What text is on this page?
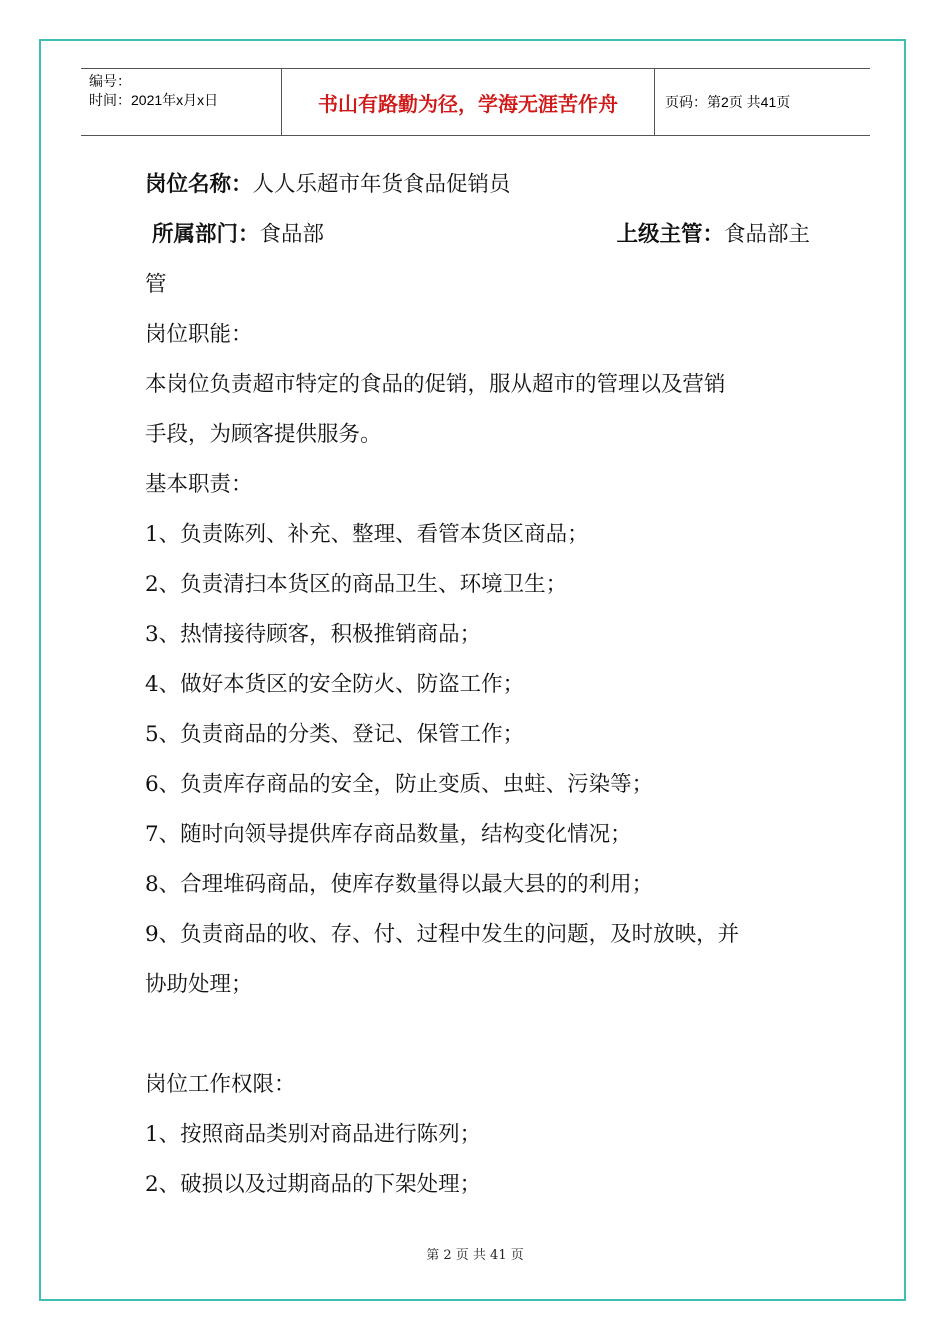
编号：
时间：2021年x月x日	书山有路勤为径，学海无涯苦作舟	页码：第2页 共41页
岗位名称：人人乐超市年货食品促销员
所属部门：食品部	上级主管：食品部主
管
岗位职能：
本岗位负责超市特定的食品的促销，服从超市的管理以及营销
手段，为顾客提供服务。
基本职责：
1、负责陈列、补充、整理、看管本货区商品；
2、负责清扫本货区的商品卫生、环境卫生；
3、热情接待顾客，积极推销商品；
4、做好本货区的安全防火、防盗工作；
5、负责商品的分类、登记、保管工作；
6、负责库存商品的安全，防止变质、虫蛀、污染等；
7、随时向领导提供库存商品数量，结构变化情况；
8、合理堆码商品，使库存数量得以最大县的的利用；
9、负责商品的收、存、付、过程中发生的问题，及时放映，并
协助处理；
岗位工作权限：
1、按照商品类别对商品进行陈列；
2、破损以及过期商品的下架处理；
第 2 页 共 41 页
